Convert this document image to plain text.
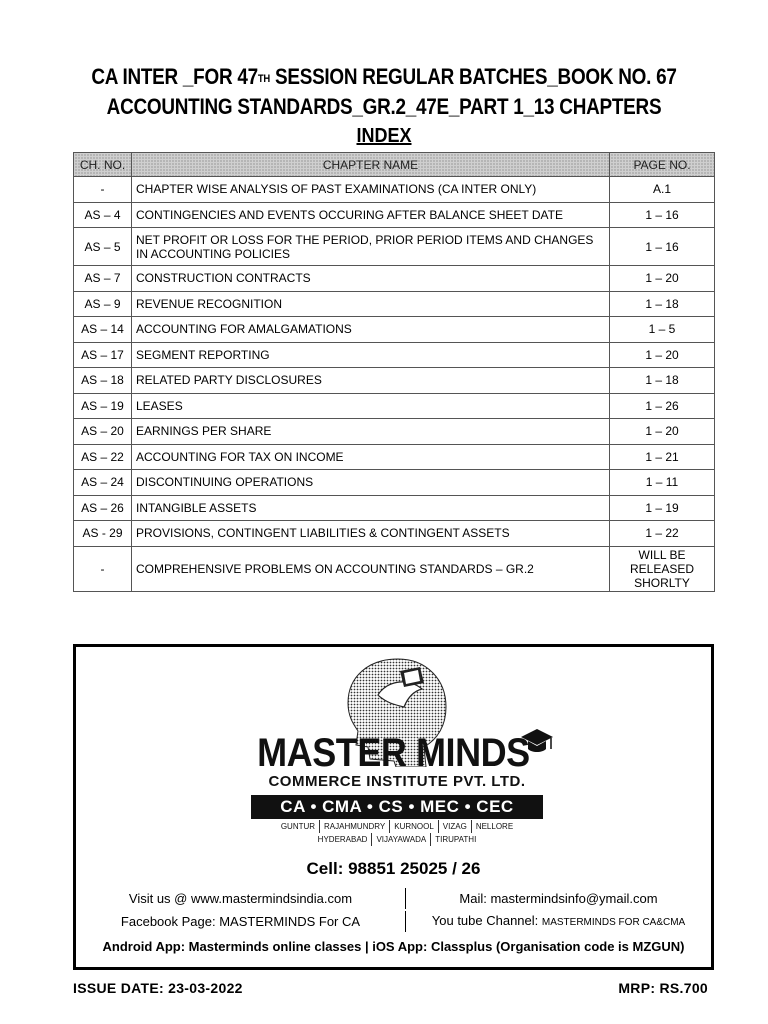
CA INTER _FOR 47TH SESSION REGULAR BATCHES_BOOK NO. 67
ACCOUNTING STANDARDS_GR.2_47E_PART 1_13 CHAPTERS
INDEX
CH. NO.	CHAPTER NAME	PAGE NO.
-	CHAPTER WISE ANALYSIS OF PAST EXAMINATIONS (CA INTER ONLY)	A.1
AS – 4	CONTINGENCIES AND EVENTS OCCURING AFTER BALANCE SHEET DATE	1 – 16
AS – 5	NET PROFIT OR LOSS FOR THE PERIOD, PRIOR PERIOD ITEMS AND CHANGES IN ACCOUNTING POLICIES	1 – 16
AS – 7	CONSTRUCTION CONTRACTS	1 – 20
AS – 9	REVENUE RECOGNITION	1 – 18
AS – 14	ACCOUNTING FOR AMALGAMATIONS	1 – 5
AS – 17	SEGMENT REPORTING	1 – 20
AS – 18	RELATED PARTY DISCLOSURES	1 – 18
AS – 19	LEASES	1 – 26
AS – 20	EARNINGS PER SHARE	1 – 20
AS – 22	ACCOUNTING FOR TAX ON INCOME	1 – 21
AS – 24	DISCONTINUING OPERATIONS	1 – 11
AS – 26	INTANGIBLE ASSETS	1 – 19
AS - 29	PROVISIONS, CONTINGENT LIABILITIES & CONTINGENT ASSETS	1 – 22
-	COMPREHENSIVE PROBLEMS ON ACCOUNTING STANDARDS – GR.2	WILL BE RELEASED SHORLTY
MASTER MINDS
COMMERCE INSTITUTE PVT. LTD.
CA • CMA • CS • MEC • CEC
GUNTUR	RAJAHMUNDRY	KURNOOL	VIZAG	NELLORE
HYDERABAD	VIJAYAWADA	TIRUPATHI
Cell: 98851 25025 / 26
Visit us @ www.mastermindsindia.com	Mail: mastermindsinfo@ymail.com
Facebook Page: MASTERMINDS For CA	You tube Channel: MASTERMINDS FOR CA&CMA
Android App: Masterminds online classes | iOS App: Classplus (Organisation code is MZGUN)
ISSUE DATE: 23-03-2022	MRP: RS.700
